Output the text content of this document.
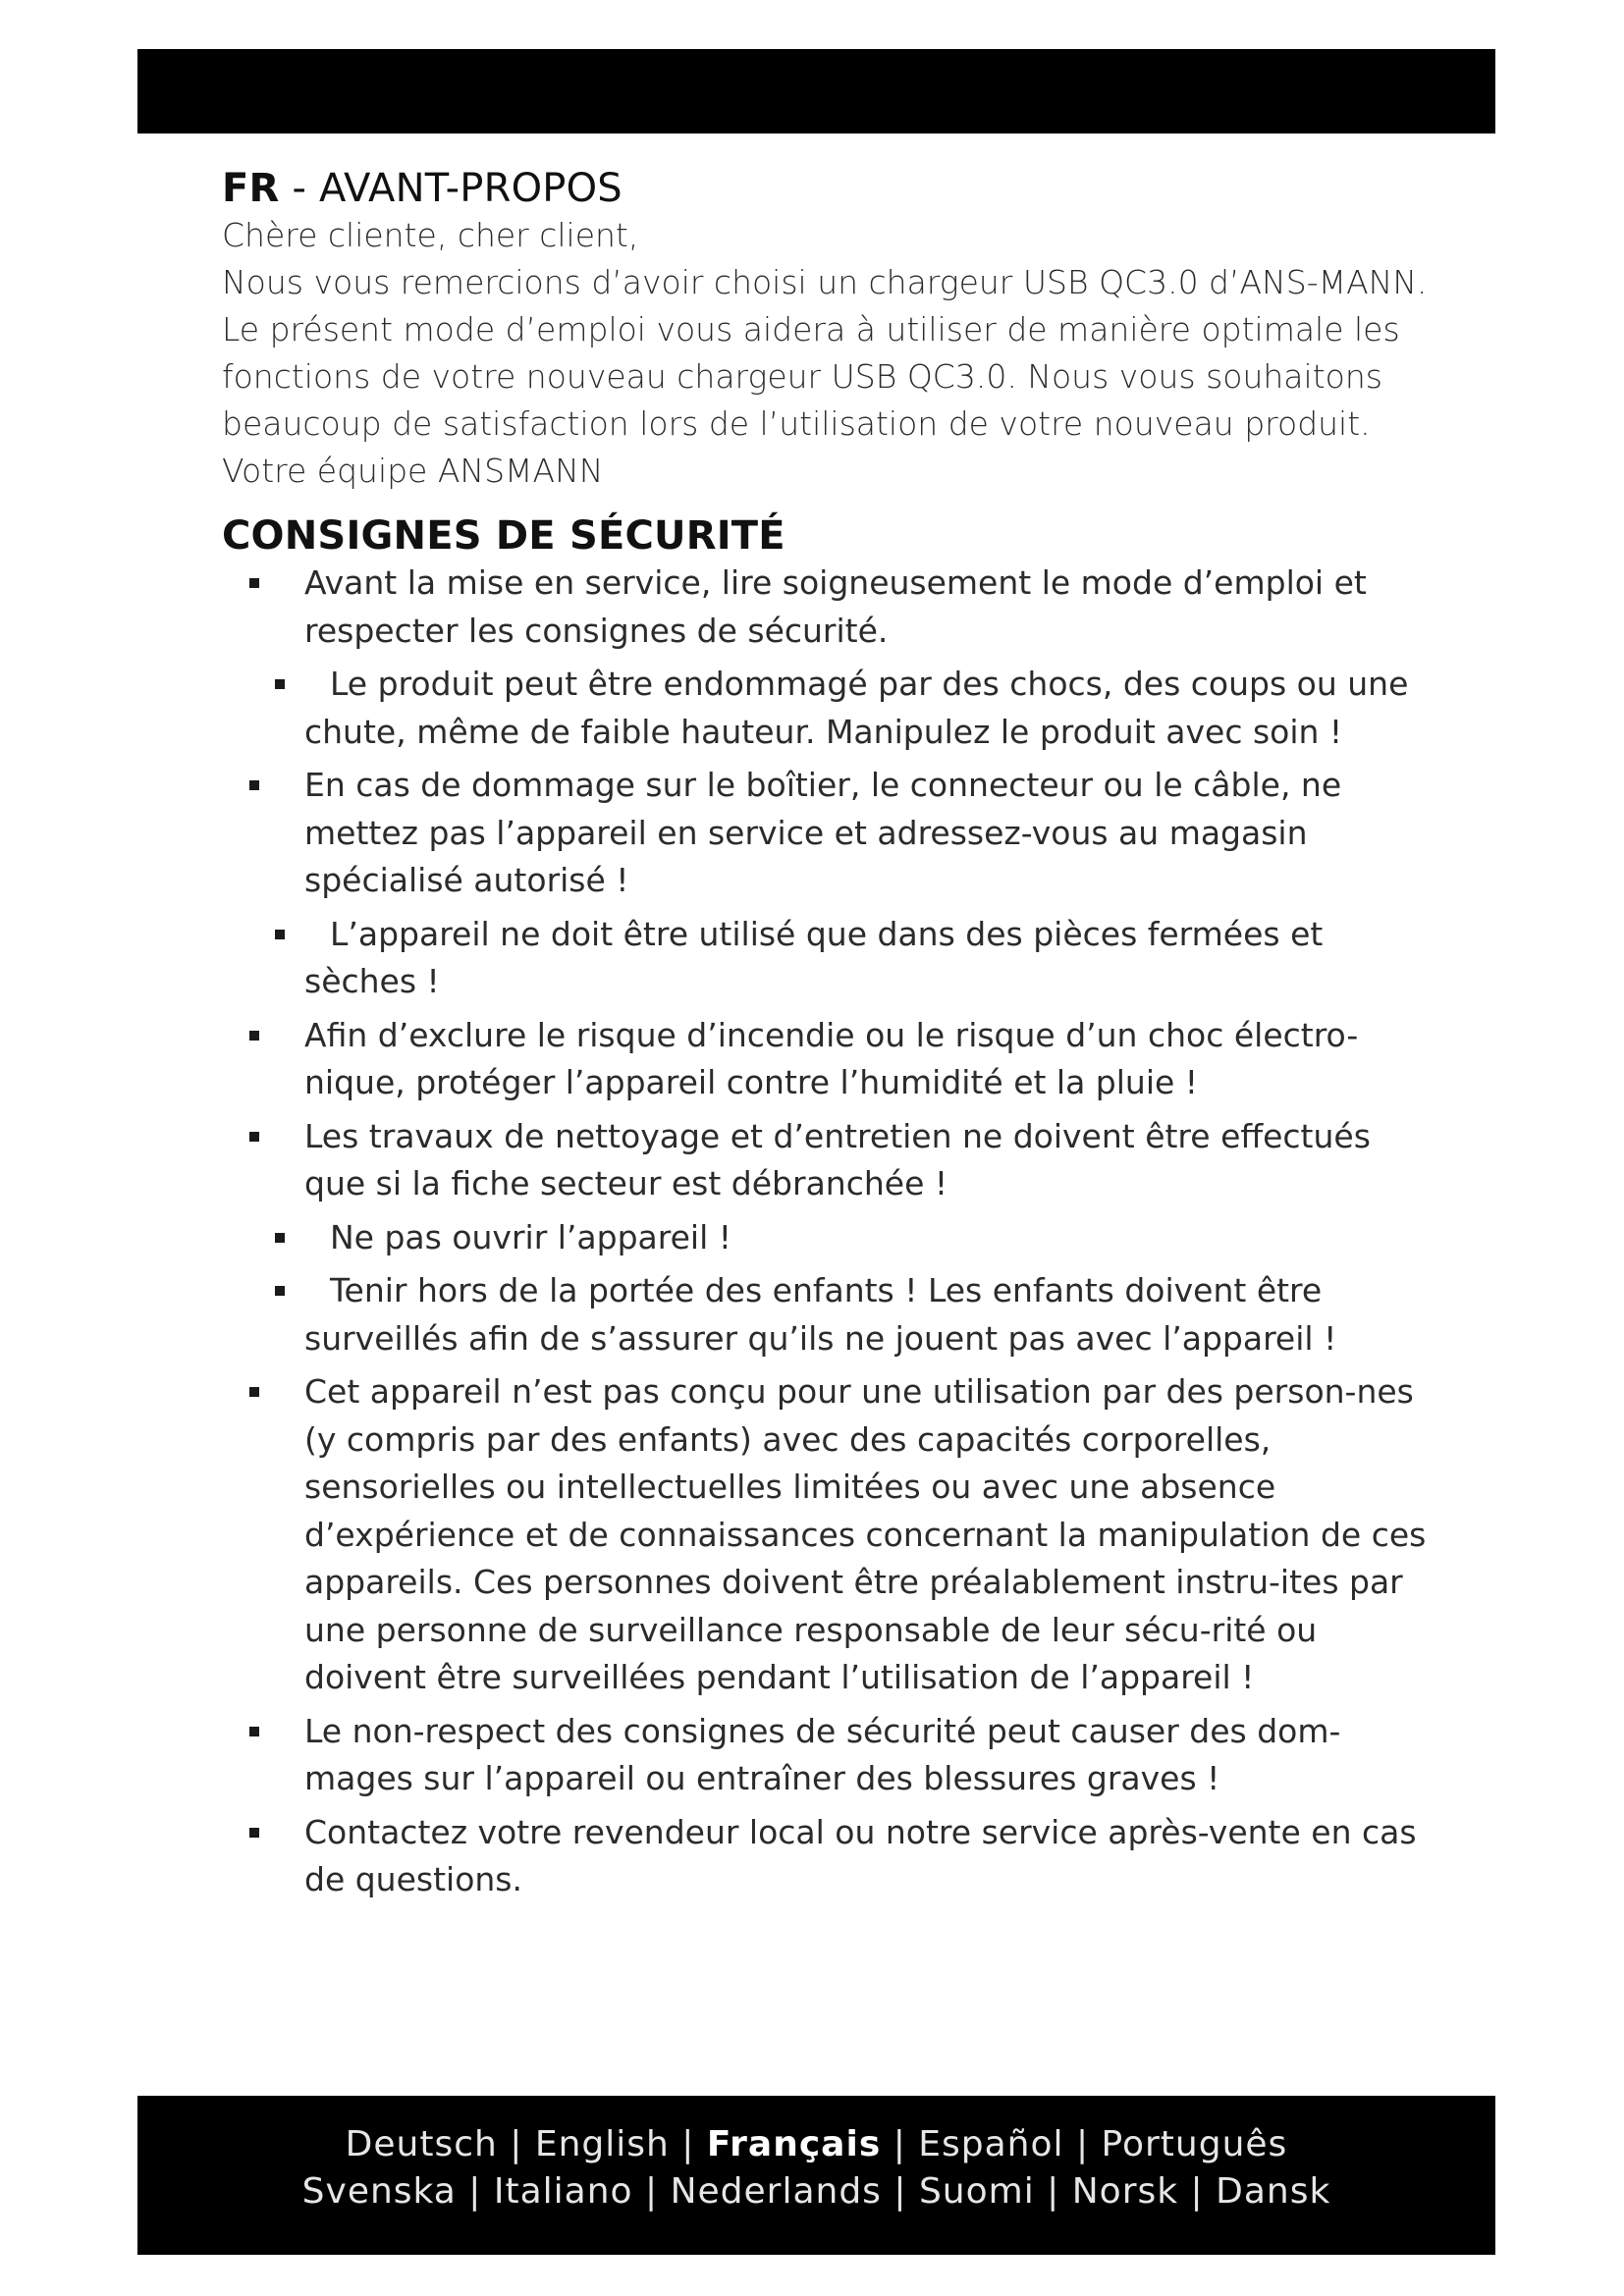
FR - AVANT-PROPOS

Chère cliente, cher client,

Nous vous remercions d’avoir choisi un chargeur USB QC3.0 d’ANS-MANN. Le présent mode d’emploi vous aidera à utiliser de manière optimale les fonctions de votre nouveau chargeur USB QC3.0. Nous vous souhaitons beaucoup de satisfaction lors de l’utilisation de votre nouveau produit.

Votre équipe ANSMANN

CONSIGNES DE SÉCURITÉ
Avant la mise en service, lire soigneusement le mode d’emploi et respecter les consignes de sécurité.
Le produit peut être endommagé par des chocs, des coups ou une chute, même de faible hauteur. Manipulez le produit avec soin !
En cas de dommage sur le boîtier, le connecteur ou le câble, ne mettez pas l’appareil en service et adressez-vous au magasin spécialisé autorisé !
L’appareil ne doit être utilisé que dans des pièces fermées et sèches !
Afin d’exclure le risque d’incendie ou le risque d’un choc électro-nique, protéger l’appareil contre l’humidité et la pluie !
Les travaux de nettoyage et d’entretien ne doivent être effectués que si la fiche secteur est débranchée !
Ne pas ouvrir l’appareil !
Tenir hors de la portée des enfants ! Les enfants doivent être surveillés afin de s’assurer qu’ils ne jouent pas avec l’appareil !
Cet appareil n’est pas conçu pour une utilisation par des person-nes (y compris par des enfants) avec des capacités corporelles, sensorielles ou intellectuelles limitées ou avec une absence d’expérience et de connaissances concernant la manipulation de ces appareils. Ces personnes doivent être préalablement instru-ites par une personne de surveillance responsable de leur sécu-rité ou doivent être surveillées pendant l’utilisation de l’appareil !
Le non-respect des consignes de sécurité peut causer des dom-mages sur l’appareil ou entraîner des blessures graves !
Contactez votre revendeur local ou notre service après-vente en cas de questions.
Deutsch | English | Français | Español | Português
Svenska | Italiano | Nederlands | Suomi | Norsk | Dansk
